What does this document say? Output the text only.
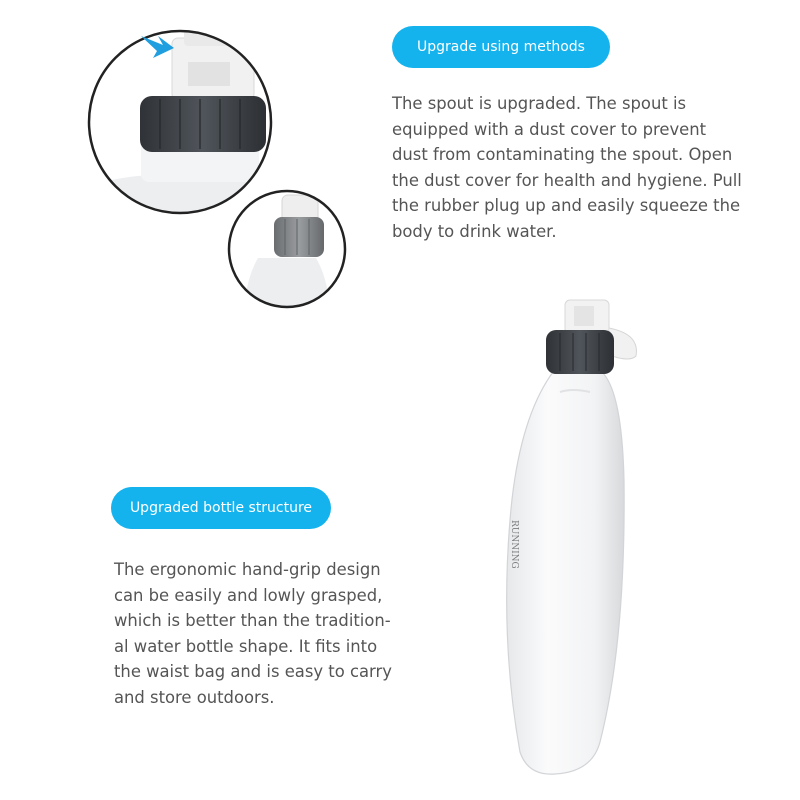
RUNNING
Upgrade using methods

The spout is upgraded. The spout is
equipped with a dust cover to prevent
dust from contaminating the spout. Open
the dust cover for health and hygiene. Pull
the rubber plug up and easily squeeze the
body to drink water.

Upgraded bottle structure

The ergonomic hand-grip design
can be easily and lowly grasped,
which is better than the tradition-
al water bottle shape. It fits into
the waist bag and is easy to carry
and store outdoors.
